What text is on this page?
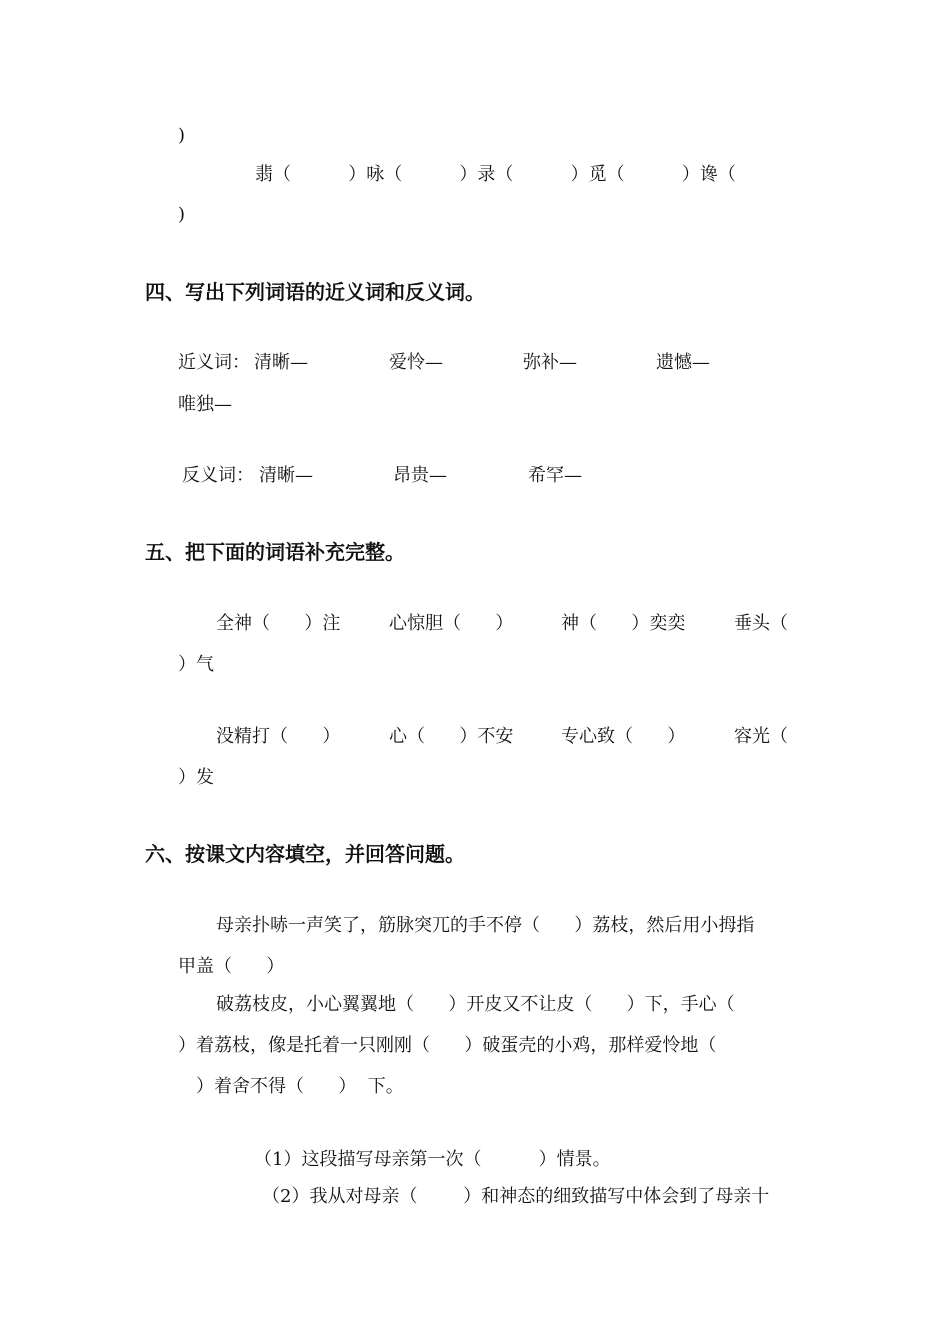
)
翡（          ）咏（          ）录（          ）觅（          ）谗（
)
四、写出下列词语的近义词和反义词。
近义词： 清晰—	爱怜—	弥补—	遗憾—
唯独—
反义词： 清晰—	昂贵—	希罕—
五、把下面的词语补充完整。
全神（      ）注	心惊胆（      ）	神（      ）奕奕	垂头（
）气
没精打（      ）	心（      ）不安	专心致（      ）	容光（
）发
六、按课文内容填空，并回答问题。
母亲扑哧一声笑了，筋脉突兀的手不停（      ）荔枝，然后用小拇指
甲盖（      ）
破荔枝皮，小心翼翼地（      ）开皮又不让皮（      ）下，手心（
）着荔枝，像是托着一只刚刚（      ）破蛋壳的小鸡，那样爱怜地（
）着舍不得（      ）  下。
（1）这段描写母亲第一次（          ）情景。
（2）我从对母亲（        ）和神态的细致描写中体会到了母亲十
